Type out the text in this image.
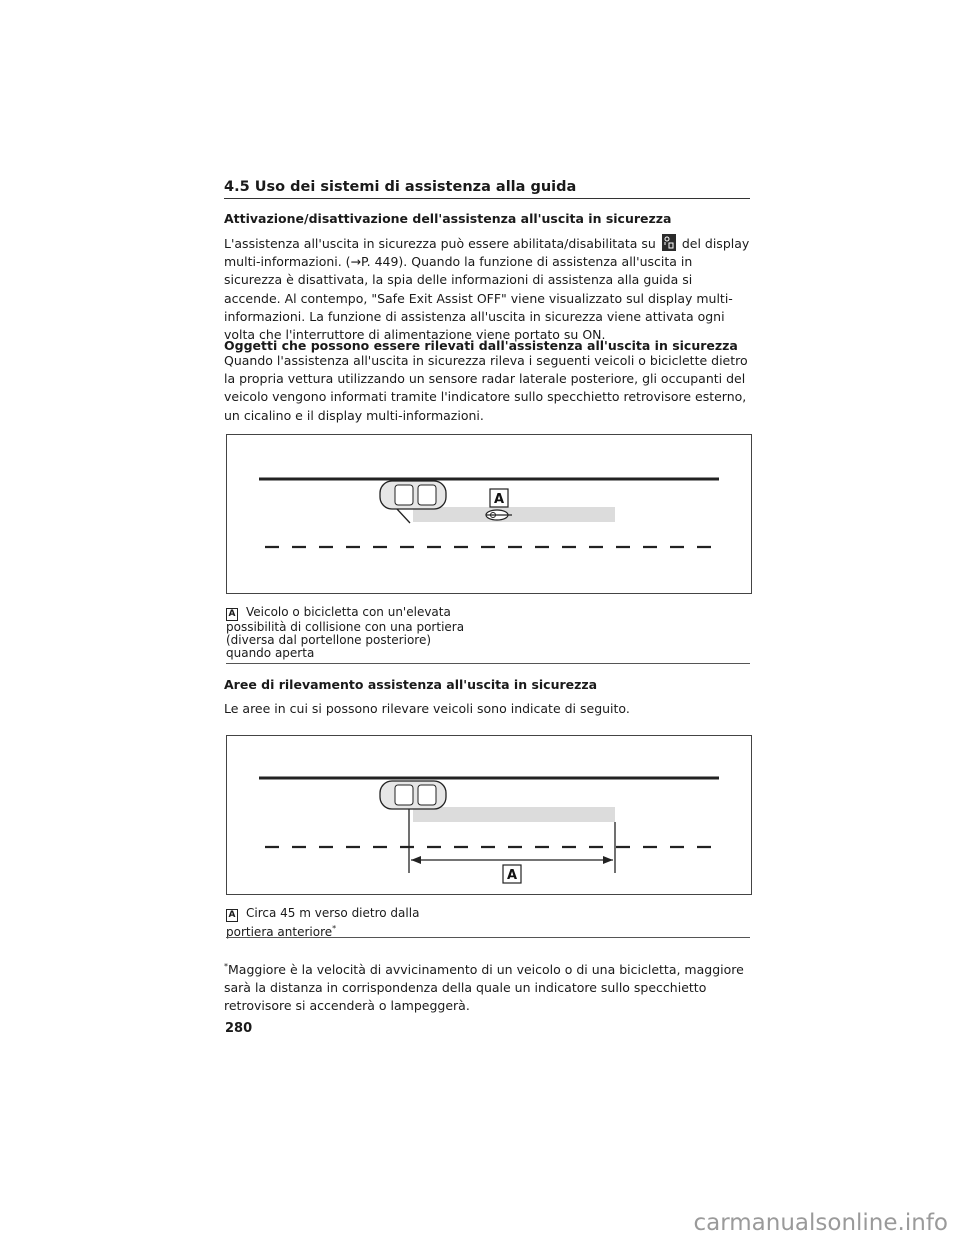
4.5 Uso dei sistemi di assistenza alla guida
Attivazione/disattivazione dell'assistenza all'uscita in sicurezza
L'assistenza all'uscita in sicurezza può essere abilitata/disabilitata su del display multi-informazioni. (→P. 449). Quando la funzione di assistenza all'uscita in sicurezza è disattivata, la spia delle informazioni di assistenza alla guida si accende. Al contempo, "Safe Exit Assist OFF" viene visualizzato sul display multi-informazioni. La funzione di assistenza all'uscita in sicurezza viene attivata ogni volta che l'interruttore di alimentazione viene portato su ON.
Oggetti che possono essere rilevati dall'assistenza all'uscita in sicurezza
Quando l'assistenza all'uscita in sicurezza rileva i seguenti veicoli o biciclette dietro la propria vettura utilizzando un sensore radar laterale posteriore, gli occupanti del veicolo vengono informati tramite l'indicatore sullo specchietto retrovisore esterno, un cicalino e il display multi-informazioni.
A
A Veicolo o bicicletta con un'elevata possibilità di collisione con una portiera (diversa dal portellone posteriore) quando aperta
Aree di rilevamento assistenza all'uscita in sicurezza
Le aree in cui si possono rilevare veicoli sono indicate di seguito.
A
A Circa 45 m verso dietro dalla portiera anteriore*
*Maggiore è la velocità di avvicinamento di un veicolo o di una bicicletta, maggiore sarà la distanza in corrispondenza della quale un indicatore sullo specchietto retrovisore si accenderà o lampeggerà.
280
carmanualsonline.info
